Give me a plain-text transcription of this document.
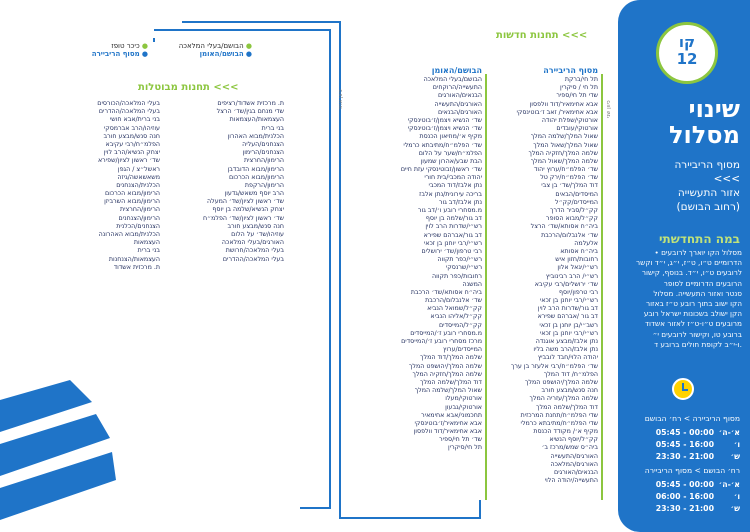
כיכר טופז ●
מסוף הריביירה ●
הבושם/בעלי המלאכה ●
הבושם/האומן ●
תחנות מבוטלות <<<
תחנות חדשות <<<
מסוף הריביירה
הבושם/האומן
תל חי/ברקת
תל חי / סיקרין
שדי תל חי/ספיר
אבא אחימאיר/דוד וולפסון
אבא אחימאיר/ זאב ז׳בוטינסקי
אורטוקי/שפלת יהודה
אורטוקי/עובדים
שאול המלך/שלמה המלך
שאול המלך/שאול המלך
שלמה המלך/חזקיה המלך
שלמה המלך/שאול המלך
שד׳ הפלמ״ח/ערוץ יהוד
שד׳ הפלמ״ח/ירק טל
דוד המלך/שד׳ בן צבי
המיסדים/הבאים
המייסדים/קק״ל
קק״ל/סביר הדרך
קק״ל/מבוא הסופר
ביה״ח אסותא/שד׳ הרצל
שד׳ אלנבלום/הרכבת
אלעלמה
ביה״ח אסותא
רחובות/חזון איש
רש״י/יגאל אלון
רש״י/ הרב רבינוביץ
שד׳ ירושלים/רבי עקיבא
רבי טרפון/יוסף
רש״י/רבי יוחנן בן זכאי
דב גור/שדרות הרב לוין
דב גור /אברהם שפירא
רשב״י/בן יוחנן בן זכאי
רש״י/רבי יוחנן בן זכאי
נתן אלבז/מבצע אוגנדה
נתן אלבז/הרב משה בליו
יהודה הלוי/חבד לובביץ
שד׳ הפלמ״ח/רבי אלעזר בן ערך
הפלמ״ח/ דוד המלך
שלמה המלך/יהושפט המלך
חנה סנש/מבצע חורב
שלמה המלך/עזריה המלך
דוד המלך/שלמה המלך
שדי הפלמ״ח/תחנת המרכזית
שדי הפלמ״ח/מתיבתא כרמלי
מקיף א׳/ מקודד הכנסת
קק״ל/יוסף הנשיא
ביה״ס שמש/מרכז ב׳
האורגים/התעשייה
האורגים/המלאכה
הבנאים/האורגים
התעשייה/יהודה הלוי
הבושם/בעלי המלאכה
התעשייה/הרוקחים
הבנאים/האורגים
האורגים/התעשייה
האורגים/הבנאים
שד׳ הנשיא ויצמן/ז׳בוטינסקי
שד׳ הנשיא ויצמן/ז׳בוטינסקי
מקיף א׳/מוזיאון הכנסת
שד׳ הפלמ״ח/מתיבתא כרמלי
הפלמ״ח/שער על הלום
הבת שבע/אהרון שמעון
שד׳ ראשון/זבוטינסקי עזת חיים
יהודה המכבי/בית חורי
נתן אלבז/דוד המכבי
בריכה עירונית/נתן אלבז
נתן אלבז/דב גור
מ.מסחרי רובע ו׳/דב גור
דב גור/שלמה בן יוסף
רש״י/שדרות הרב לוין
דב גור/אברהם שפירא
רש״י/רבי יוחנן בן זכאי
רבי טרפון/שד׳ ירושלים
רש״י/כפר תקווה
רש״י/שרנסקי
רחובות/כפר תקווה
המשנה
ביה״ח אסותא/שד׳ הרכבת
שד׳ אלנבלום/הרכבת
קק״ל/שמואל הנביא
קק״ל/אליהו הנביא
קק״ל/המייסדים
מ.מסחרי רובע ז׳/המייסדים
מרכז מסחרי רובע ז׳/המייסדים
המייסדים/ערוץ
שלמה המלך/דוד המלך
שלמה המלך/יהושפט המלך
שלמה המלך/חזקיה המלך
דוד המלך/שלמה המלך
שאול המלך/שלמה המלך
אורטוקי/מעלו
אורטוקי/גבעון
תחכמוני/אבא אחימאיר
אבא אחימאיר/ז׳בוטינסקי
אבא אחימאיר/דוד וולפסון
שד׳ תל חי/ספיר
תל חי/סיקרין
ת. מרכזית אשדוד/רציפים
שדי מנחם בגין/שד׳ הרצל
העצמאות/העצמאות
בני ברית
הכלנית/מבוא האהרון
הצנחנים/העליה
הצנחנים/הרימון
הרימון/החרצית
הרימון/מבוא הדובדבן
הרימון/מבוא הכרכום
הרימון/הרקפת
הרב יוסף משאש/גדעון
שד׳ ראשון לציון/שד׳ המעלה
יצחק הנשיא/שלמה בן יוסף
שד׳ ראשון לציון/שד׳ הפלמ״ח
חנה סנש/מבצע חורב
עוזיהו/שד׳ על הלום
האורגים/בעלי המלאכה
בעלי המלאכה/חרושת
בעלי המלאכה/ההדרים
בעלי המלאכה/הכורסים
בעלי המלאכה/ההדרים
בני ברית/אבא חושי
עוזיהו/הרב אברמסקי
חנה סנש/מבצע חורב
הפלמ״ח/רבי עקיבא
יצחק הנשיא/הרב לוין
שד׳ ראשון לציון/שפירא
ראשל״צ / הגפן
משאשאשה/גיזה
הכלנית/הצנחנים
הרימון/מבוא הכרכום
הרימון/מבוא השרביזן
הרימון/החרצית
הרימון/הצנחנים
הצנחנים/הכלנית
הכלנית/מבוא האהרונה
העצמאות
בני ברית
העצמאות/הצנחנות
ת. מרכזית אשדוד
כיוון אחד	כיוון שני
קו
12
שינוי
מסלול
מסוף הריביירה
<<<
אזור התעשייה
(רחוב הבושם)
במה התחדשתי
• מסלול הקו יוארך לרובעים
הדרומיים ט״ו, ט״ז, י״ג, י״ד וקשר
לרובעים ט״ו, י״ד. בנוסף, קישור
הרובעים הדרומיים לסופר
סנטר ואזור התעשייה. מסלול
הקו ישוב בתוך רובע ט״ז באזור
הקן ישולב בשכונות ישראל רובע
מרובעים ט״ו-ט״ז לאזור אשדוד
ברובע טו, וקישור לרובעים י״
ו-י״ב לקופת חולים ברובע ד.
מסוף הריביירה > רח׳ הבושם
א׳-ה׳
05:45 - 00:00
ו׳
05:45 - 16:00
ש׳
23:30 - 21:00
רח׳ הבושם > מסוף הריביירה
א׳-ה׳
05:45 - 00:00
ו׳
06:00 - 16:00
ש׳
23:30 - 21:00
